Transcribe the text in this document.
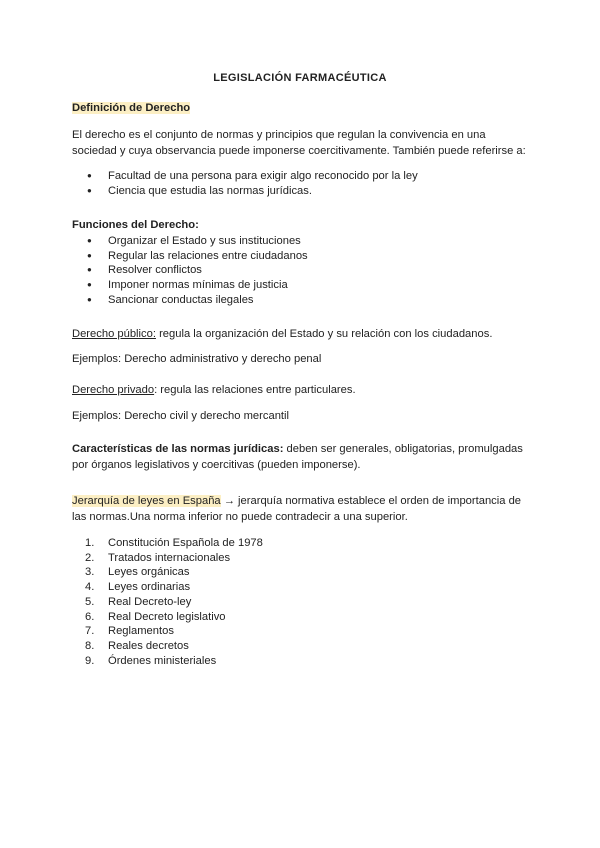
LEGISLACIÓN FARMACÉUTICA
Definición de Derecho
El derecho es el conjunto de normas y principios que regulan la convivencia en una sociedad y cuya observancia puede imponerse coercitivamente. También puede referirse a:
● Facultad de una persona para exigir algo reconocido por la ley
● Ciencia que estudia las normas jurídicas.
Funciones del Derecho:
● Organizar el Estado y sus instituciones
● Regular las relaciones entre ciudadanos
● Resolver conflictos
● Imponer normas mínimas de justicia
● Sancionar conductas ilegales
Derecho público: regula la organización del Estado y su relación con los ciudadanos.
Ejemplos: Derecho administrativo y derecho penal
Derecho privado: regula las relaciones entre particulares.
Ejemplos: Derecho civil y derecho mercantil
Características de las normas jurídicas: deben ser generales, obligatorias, promulgadas por órganos legislativos y coercitivas (pueden imponerse).
Jerarquía de leyes en España → jerarquía normativa establece el orden de importancia de las normas.Una norma inferior no puede contradecir a una superior.
1. Constitución Española de 1978
2. Tratados internacionales
3. Leyes orgánicas
4. Leyes ordinarias
5. Real Decreto-ley
6. Real Decreto legislativo
7. Reglamentos
8. Reales decretos
9. Órdenes ministeriales
